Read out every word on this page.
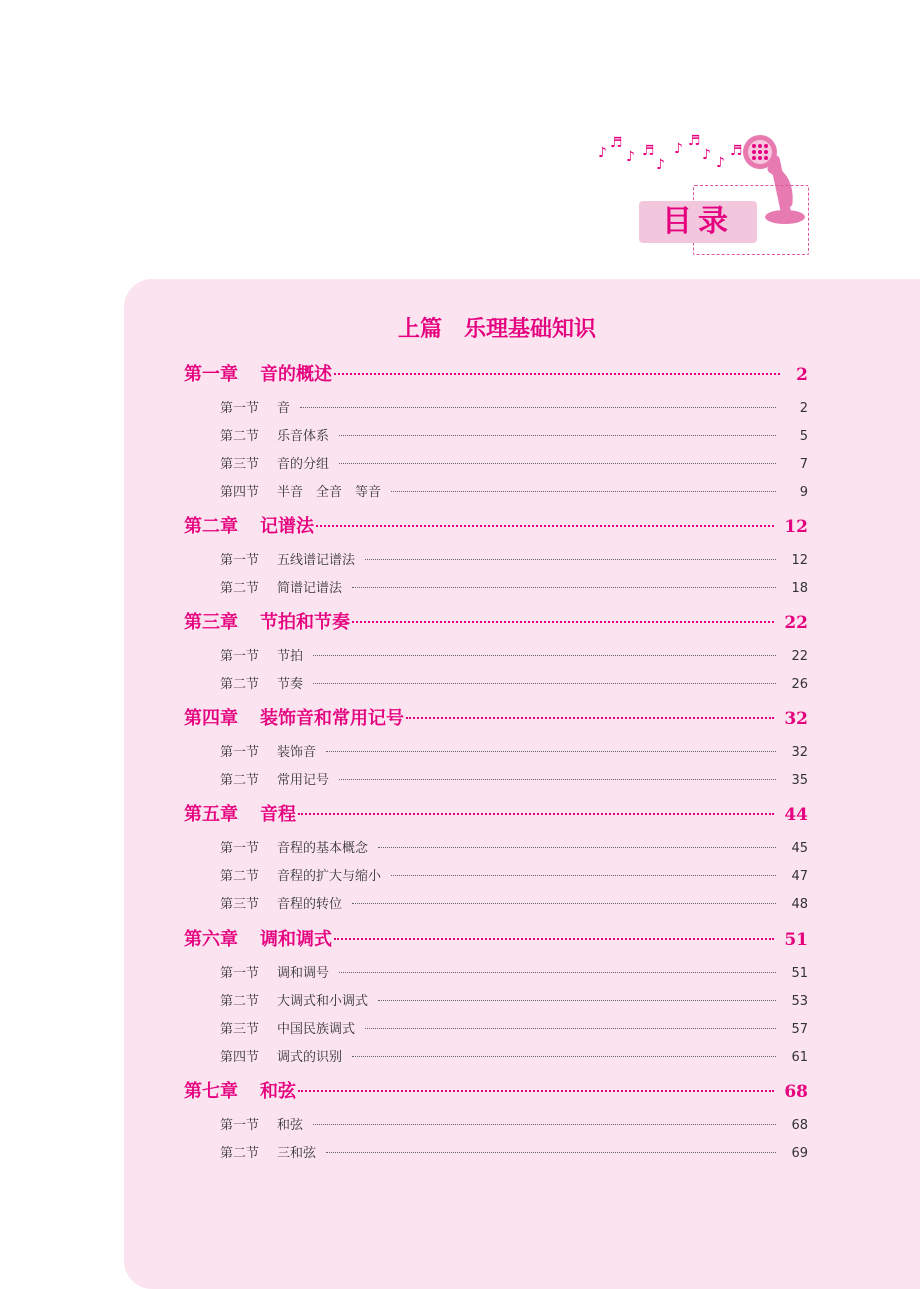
♪
♬
♪ ♬
♪
♪ ♬
♪ ♪
♬
目录
上篇 乐理基础知识
第一章 音的概述	2
第一节 音	2
第二节 乐音体系	5
第三节 音的分组	7
第四节 半音　全音　等音	9
第二章 记谱法	12
第一节 五线谱记谱法	12
第二节 简谱记谱法	18
第三章 节拍和节奏	22
第一节 节拍	22
第二节 节奏	26
第四章 装饰音和常用记号	32
第一节 装饰音	32
第二节 常用记号	35
第五章 音程	44
第一节 音程的基本概念	45
第二节 音程的扩大与缩小	47
第三节 音程的转位	48
第六章 调和调式	51
第一节 调和调号	51
第二节 大调式和小调式	53
第三节 中国民族调式	57
第四节 调式的识别	61
第七章 和弦	68
第一节 和弦	68
第二节 三和弦	69
